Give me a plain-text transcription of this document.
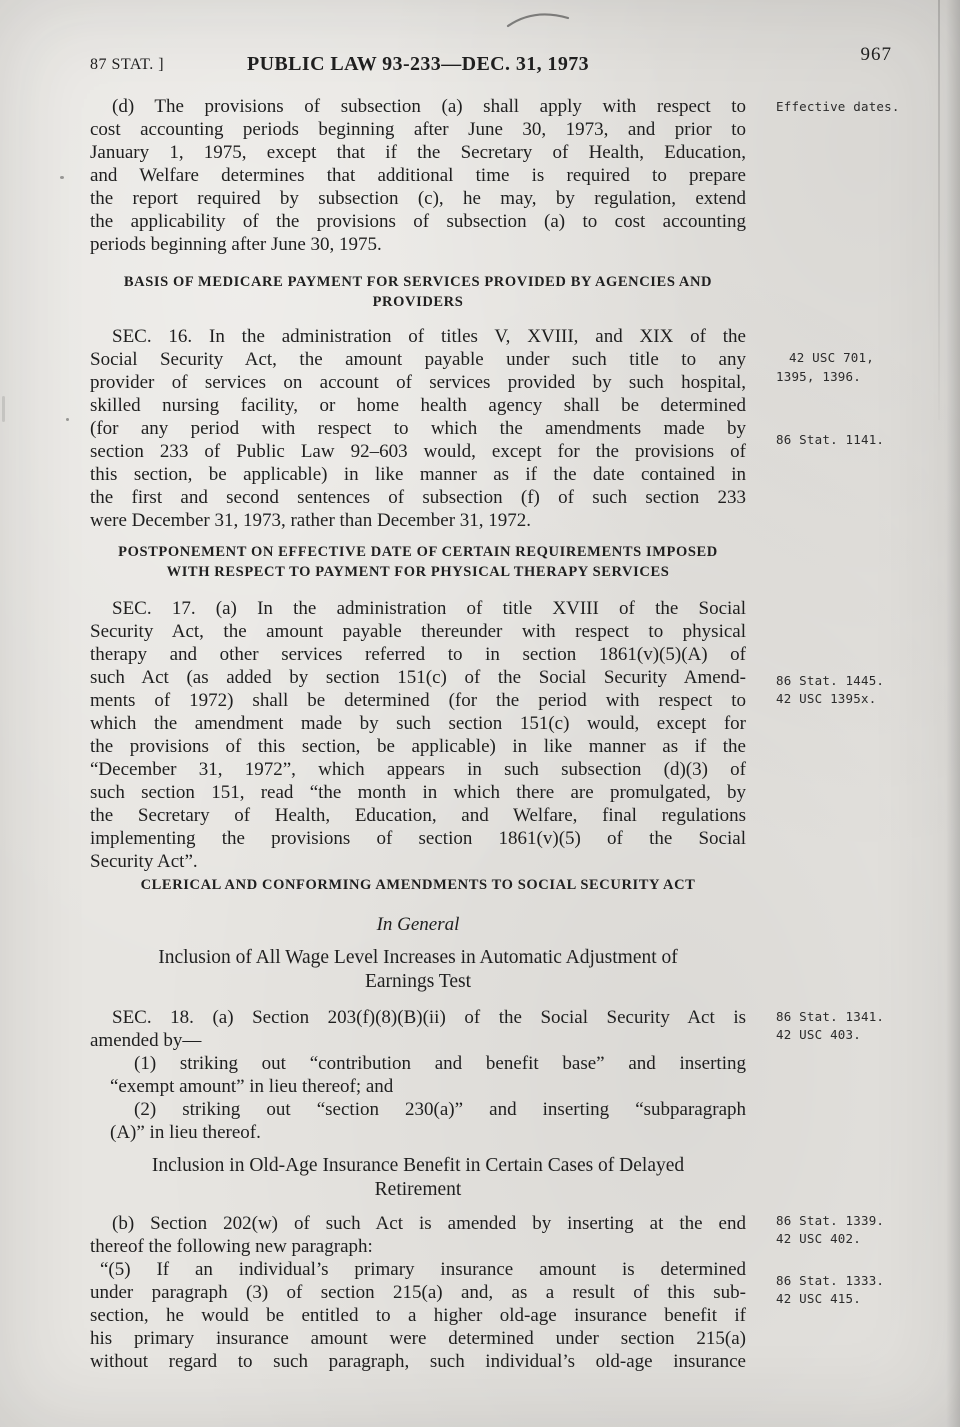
87 STAT. ]	PUBLIC LAW 93-233—DEC. 31, 1973	967
(d) The provisions of subsection (a) shall apply with respect to
cost accounting periods beginning after June 30, 1973, and prior to
January 1, 1975, except that if the Secretary of Health, Education,
and Welfare determines that additional time is required to prepare
the report required by subsection (c), he may, by regulation, extend
the applicability of the provisions of subsection (a) to cost accounting
periods beginning after June 30, 1975.
BASIS OF MEDICARE PAYMENT FOR SERVICES PROVIDED BY AGENCIES AND
PROVIDERS
SEC. 16. In the administration of titles V, XVIII, and XIX of the
Social Security Act, the amount payable under such title to any
provider of services on account of services provided by such hospital,
skilled nursing facility, or home health agency shall be determined
(for any period with respect to which the amendments made by
section 233 of Public Law 92–603 would, except for the provisions of
this section, be applicable) in like manner as if the date contained in
the first and second sentences of subsection (f) of such section 233
were December 31, 1973, rather than December 31, 1972.
POSTPONEMENT ON EFFECTIVE DATE OF CERTAIN REQUIREMENTS IMPOSED
WITH RESPECT TO PAYMENT FOR PHYSICAL THERAPY SERVICES
SEC. 17. (a) In the administration of title XVIII of the Social
Security Act, the amount payable thereunder with respect to physical
therapy and other services referred to in section 1861(v)(5)(A) of
such Act (as added by section 151(c) of the Social Security Amend-
ments of 1972) shall be determined (for the period with respect to
which the amendment made by such section 151(c) would, except for
the provisions of this section, be applicable) in like manner as if the
“December 31, 1972”, which appears in such subsection (d)(3) of
such section 151, read “the month in which there are promulgated, by
the Secretary of Health, Education, and Welfare, final regulations
implementing the provisions of section 1861(v)(5) of the Social
Security Act”.
CLERICAL AND CONFORMING AMENDMENTS TO SOCIAL SECURITY ACT
In General
Inclusion of All Wage Level Increases in Automatic Adjustment of
Earnings Test
SEC. 18. (a) Section 203(f)(8)(B)(ii) of the Social Security Act is
amended by—
(1) striking out “contribution and benefit base” and inserting
“exempt amount” in lieu thereof; and
(2) striking out “section 230(a)” and inserting “subparagraph
(A)” in lieu thereof.
Inclusion in Old-Age Insurance Benefit in Certain Cases of Delayed
Retirement
(b) Section 202(w) of such Act is amended by inserting at the end
thereof the following new paragraph:
“(5) If an individual’s primary insurance amount is determined
under paragraph (3) of section 215(a) and, as a result of this sub-
section, he would be entitled to a higher old-age insurance benefit if
his primary insurance amount were determined under section 215(a)
without regard to such paragraph, such individual’s old-age insurance
Effective dates.
42 USC 701,
1395, 1396.
86 Stat. 1141.
86 Stat. 1445.
42 USC 1395x.
86 Stat. 1341.
42 USC 403.
86 Stat. 1339.
42 USC 402.
86 Stat. 1333.
42 USC 415.
